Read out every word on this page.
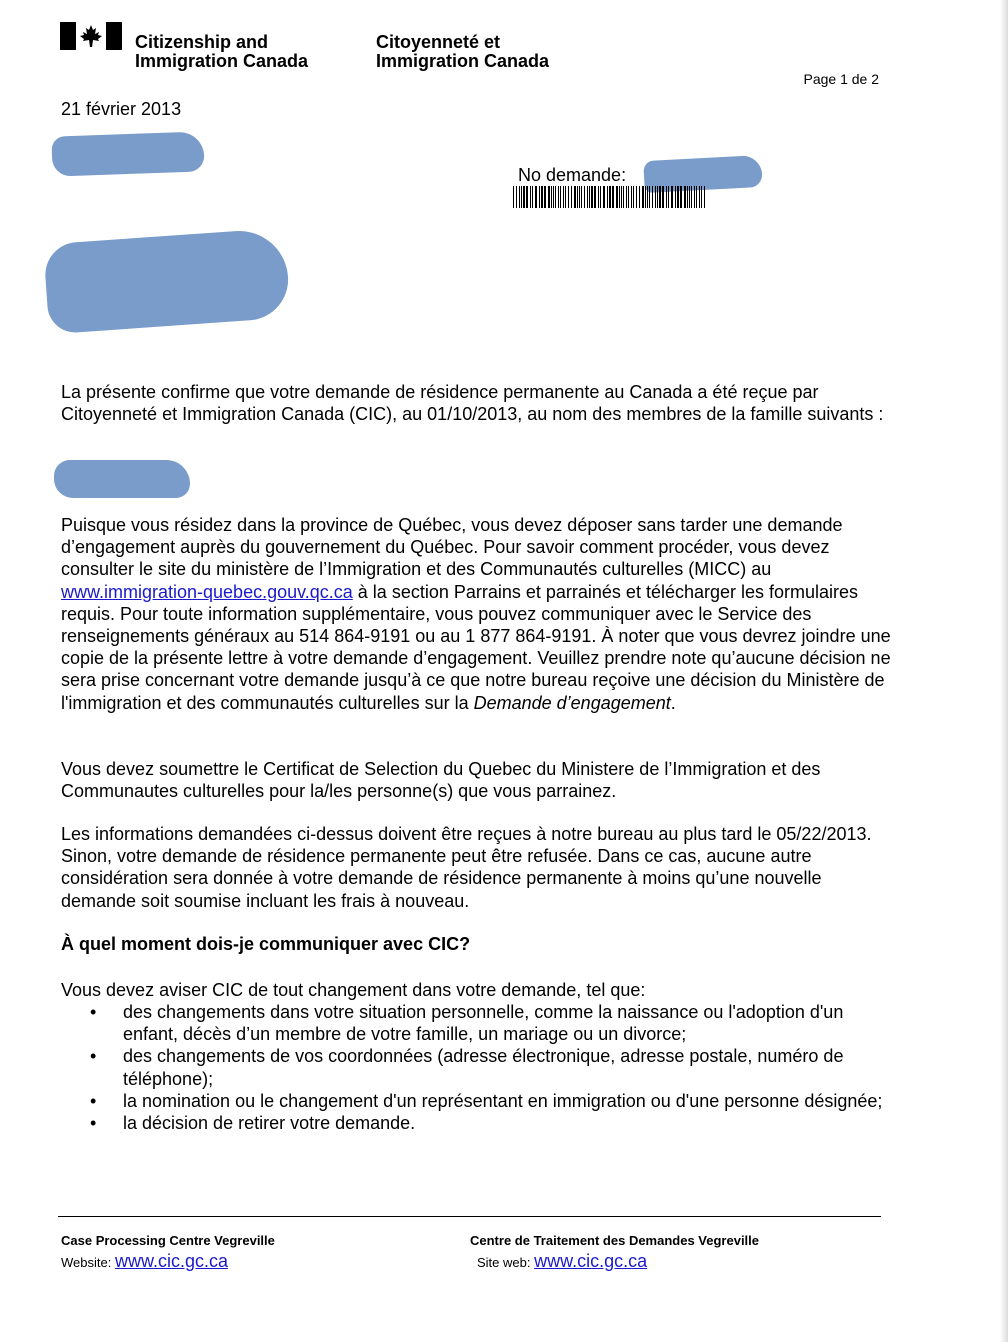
Citizenship and
Immigration Canada
Citoyenneté et
Immigration Canada
Page 1 de 2
21 février 2013
No demande:

La présente confirme que votre demande de résidence permanente au Canada a été reçue par Citoyenneté et Immigration Canada (CIC), au 01/10/2013, au nom des membres de la famille suivants :

Puisque vous résidez dans la province de Québec, vous devez déposer sans tarder une demande d’engagement auprès du gouvernement du Québec. Pour savoir comment procéder, vous devez consulter le site du ministère de l’Immigration et des Communautés culturelles (MICC) au www.immigration-quebec.gouv.qc.ca à la section Parrains et parrainés et télécharger les formulaires requis. Pour toute information supplémentaire, vous pouvez communiquer avec le Service des renseignements généraux au 514 864-9191 ou au 1 877 864-9191. À noter que vous devrez joindre une copie de la présente lettre à votre demande d’engagement. Veuillez prendre note qu’aucune décision ne sera prise concernant votre demande jusqu’à ce que notre bureau reçoive une décision du Ministère de l'immigration et des communautés culturelles sur la Demande d’engagement.

Vous devez soumettre le Certificat de Selection du Quebec du Ministere de l’Immigration et des Communautes culturelles pour la/les personne(s) que vous parrainez.

Les informations demandées ci-dessus doivent être reçues à notre bureau au plus tard le 05/22/2013. Sinon, votre demande de résidence permanente peut être refusée. Dans ce cas, aucune autre considération sera donnée à votre demande de résidence permanente à moins qu’une nouvelle demande soit soumise incluant les frais à nouveau.

À quel moment dois-je communiquer avec CIC?

Vous devez aviser CIC de tout changement dans votre demande, tel que:

• des changements dans votre situation personnelle, comme la naissance ou l'adoption d'un enfant, décès d’un membre de votre famille, un mariage ou un divorce;
• des changements de vos coordonnées (adresse électronique, adresse postale, numéro de téléphone);
• la nomination ou le changement d'un représentant en immigration ou d'une personne désignée;
• la décision de retirer votre demande.
Case Processing Centre Vegreville	Centre de Traitement des Demandes Vegreville
Website: www.cic.gc.ca	Site web: www.cic.gc.ca
